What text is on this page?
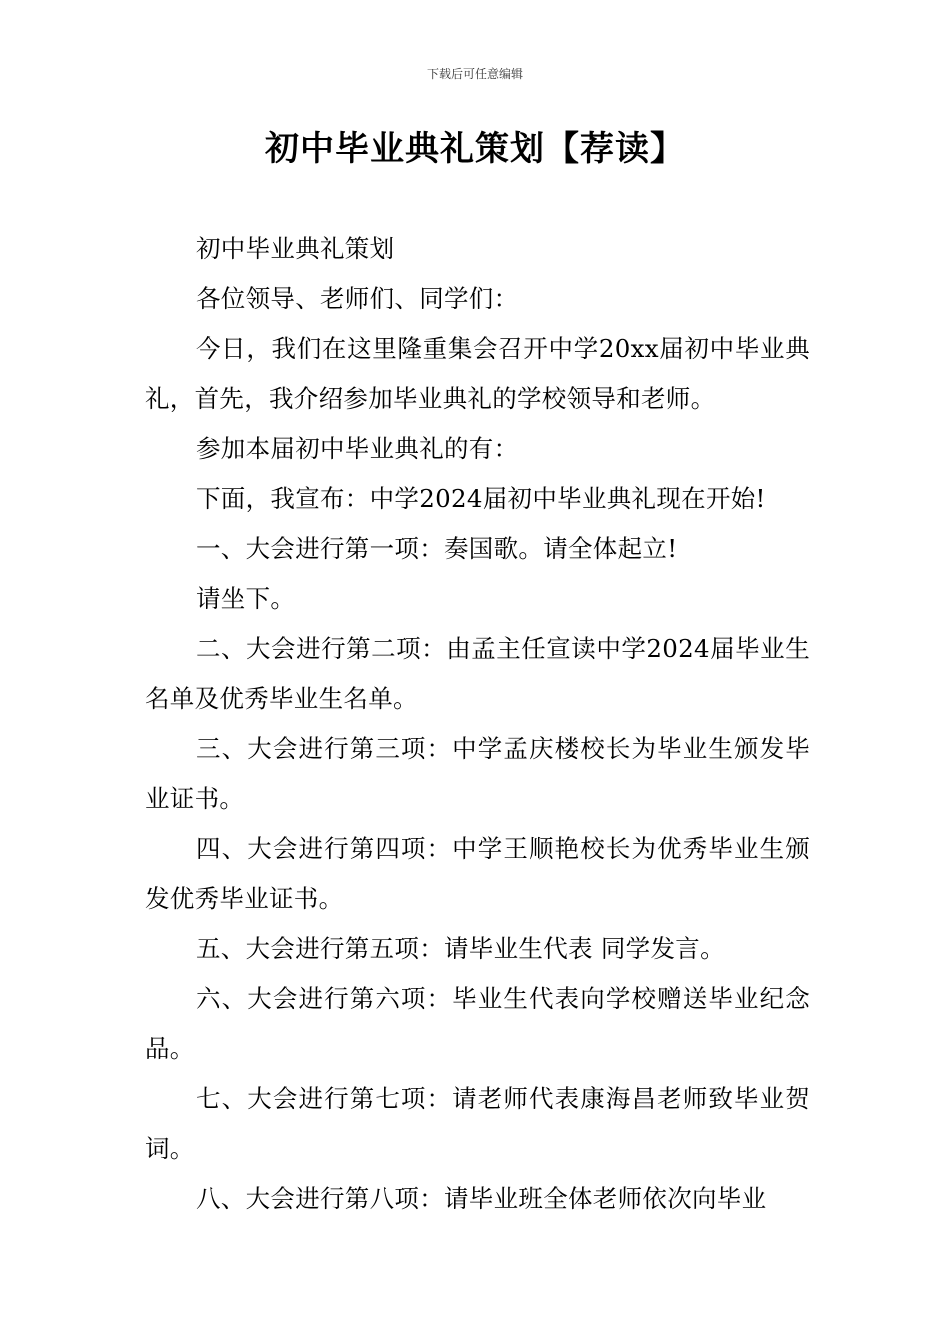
下载后可任意编辑
初中毕业典礼策划【荐读】

初中毕业典礼策划

各位领导、老师们、同学们：

今日，我们在这里隆重集会召开中学20xx届初中毕业典礼，首先，我介绍参加毕业典礼的学校领导和老师。

参加本届初中毕业典礼的有：

下面，我宣布：中学2024届初中毕业典礼现在开始!

一、大会进行第一项：奏国歌。请全体起立!

请坐下。

二、大会进行第二项：由孟主任宣读中学2024届毕业生名单及优秀毕业生名单。

三、大会进行第三项：中学孟庆楼校长为毕业生颁发毕业证书。

四、大会进行第四项：中学王顺艳校长为优秀毕业生颁发优秀毕业证书。

五、大会进行第五项：请毕业生代表 同学发言。

六、大会进行第六项：毕业生代表向学校赠送毕业纪念品。

七、大会进行第七项：请老师代表康海昌老师致毕业贺词。

八、大会进行第八项：请毕业班全体老师依次向毕业
